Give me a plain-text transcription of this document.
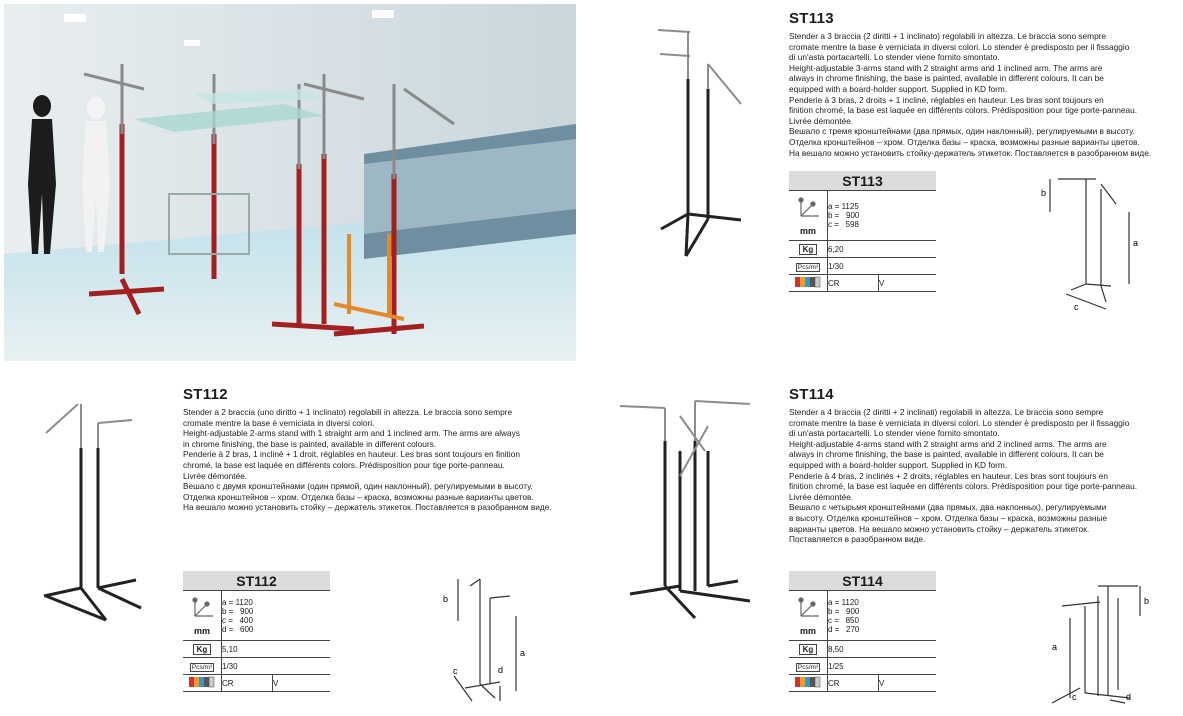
ST113

Stender a 3 braccia (2 diritti + 1 inclinato) regolabili in altezza. Le braccia sono sempre

cromate mentre la base è verniciata in diversi colori. Lo stender è predisposto per il fissaggio

di un'asta portacartelli. Lo stender viene fornito smontato.

Height-adjustable 3-arms stand with 2 straight arms and 1 inclined arm. The arms are

always in chrome finishing, the base is painted, available in different colours. It can be

equipped with a board-holder support. Supplied in KD form.

Penderie à 3 bras, 2 droits + 1 incliné, réglables en hauteur. Les bras sont toujours en

finition chromé, la base est laquée en différents colors. Prédisposition pour tige porte-panneau.

Livrée démontée.

Вешало с тремя кронштейнами (два прямых, один наклонный), регулируемыми в высоту.

Отделка кронштейнов – хром. Отделка базы – краска, возможны разные варианты цветов.

На вешало можно установить стойку-держатель этикеток. Поставляется в разобранном виде.

ST113		

mm	a = 1125
b =   900
c =   598	
Kg	6,20	
Pcs/m³	1/30	
	CR	V
b
a
c
ST112

Stender a 2 braccia (uno diritto + 1 inclinato) regolabili in altezza. Le braccia sono sempre

cromate mentre la base è verniciata in diversi colori.

Height-adjustable 2-arms stand with 1 straight arm and 1 inclined arm. The arms are always

in chrome finishing, the base is painted, available in different colours.

Penderie à 2 bras, 1 incliné + 1 droit, réglables en hauteur. Les bras sont toujours en finition

chromé, la base est laquée en différents colors. Prédisposition pour tige porte-panneau.

Livrée démontée.

Вешало с двумя кронштейнами (один прямой, один наклонный), регулируемыми в высоту.

Отделка кронштейнов – хром. Отделка базы – краска, возможны разные варианты цветов.

На вешало можно установить стойку – держатель этикеток. Поставляется в разобранном виде.

ST112		

mm	a = 1120
b =   900
c =   400
d =   600	
Kg	5,10	
Pcs/m³	1/30	
	CR	V
b
a
c	d
ST114

Stender a 4 braccia (2 diritti + 2 inclinati) regolabili in altezza. Le braccia sono sempre

cromate mentre la base è verniciata in diversi colori. Lo stender è predisposto per il fissaggio

di un'asta portacartelli. Lo stender viene fornito smontato.

Height-adjustable 4-arms stand with 2 straight arms and 2 inclined arms. The arms are

always in chrome finishing, the base is painted, available in different colours. It can be

equipped with a board-holder support. Supplied in KD form.

Penderie à 4 bras, 2 inclinés + 2 droits, réglables en hauteur. Les bras sont toujours en

finition chromé, la base est laquée en différents colors. Prédisposition pour tige porte-panneau.

Livrée démontée.

Вешало с четырьмя кронштейнами (два прямых, два наклонных), регулируемыми

в высоту. Отделка кронштейнов – хром. Отделка базы – краска, возможны разные

варианты цветов. На вешало можно установить стойку – держатель этикеток.

Поставляется в разобранном виде.

ST114		

mm	a = 1120
b =   900
c =   850
d =   270	
Kg	8,50	
Pcs/m³	1/25	
	CR	V
b
a
c	d
